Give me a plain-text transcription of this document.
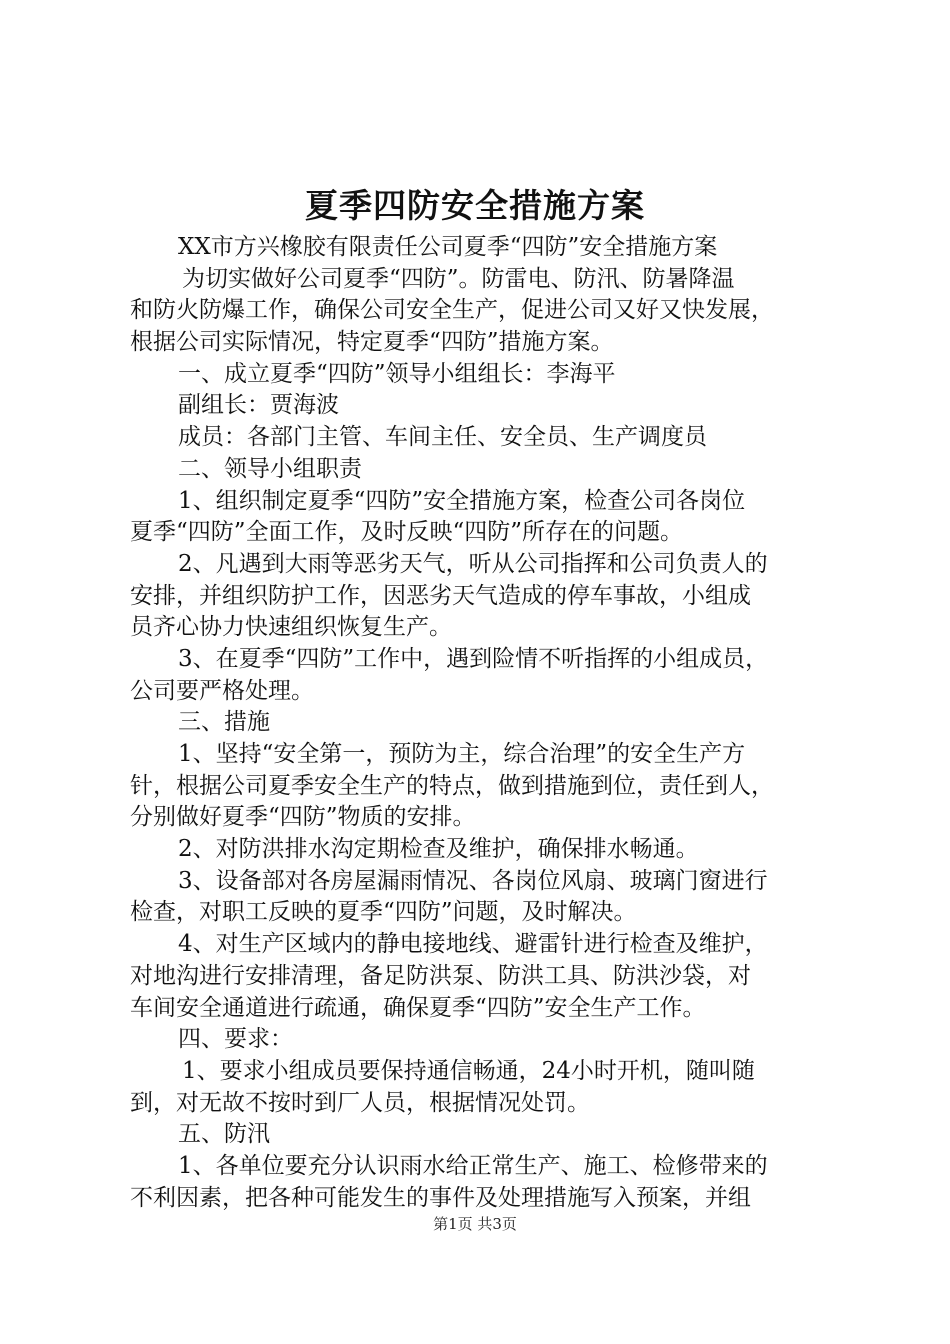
夏季四防安全措施方案
XX市方兴橡胶有限责任公司夏季“四防”安全措施方案
为切实做好公司夏季“四防”。防雷电、防汛、防暑降温
和防火防爆工作，确保公司安全生产，促进公司又好又快发展，
根据公司实际情况，特定夏季“四防”措施方案。
一、成立夏季“四防”领导小组组长：李海平
副组长：贾海波
成员：各部门主管、车间主任、安全员、生产调度员
二、领导小组职责
1、组织制定夏季“四防”安全措施方案，检查公司各岗位
夏季“四防”全面工作，及时反映“四防”所存在的问题。
2、凡遇到大雨等恶劣天气，听从公司指挥和公司负责人的
安排，并组织防护工作，因恶劣天气造成的停车事故，小组成
员齐心协力快速组织恢复生产。
3、在夏季“四防”工作中，遇到险情不听指挥的小组成员，
公司要严格处理。
三、措施
1、坚持“安全第一，预防为主，综合治理”的安全生产方
针，根据公司夏季安全生产的特点，做到措施到位，责任到人，
分别做好夏季“四防”物质的安排。
2、对防洪排水沟定期检查及维护，确保排水畅通。
3、设备部对各房屋漏雨情况、各岗位风扇、玻璃门窗进行
检查，对职工反映的夏季“四防”问题，及时解决。
4、对生产区域内的静电接地线、避雷针进行检查及维护，
对地沟进行安排清理，备足防洪泵、防洪工具、防洪沙袋，对
车间安全通道进行疏通，确保夏季“四防”安全生产工作。
四、要求：
1、要求小组成员要保持通信畅通，24小时开机，随叫随
到，对无故不按时到厂人员，根据情况处罚。
五、防汛
1、各单位要充分认识雨水给正常生产、施工、检修带来的
不利因素，把各种可能发生的事件及处理措施写入预案，并组
第1页 共3页
